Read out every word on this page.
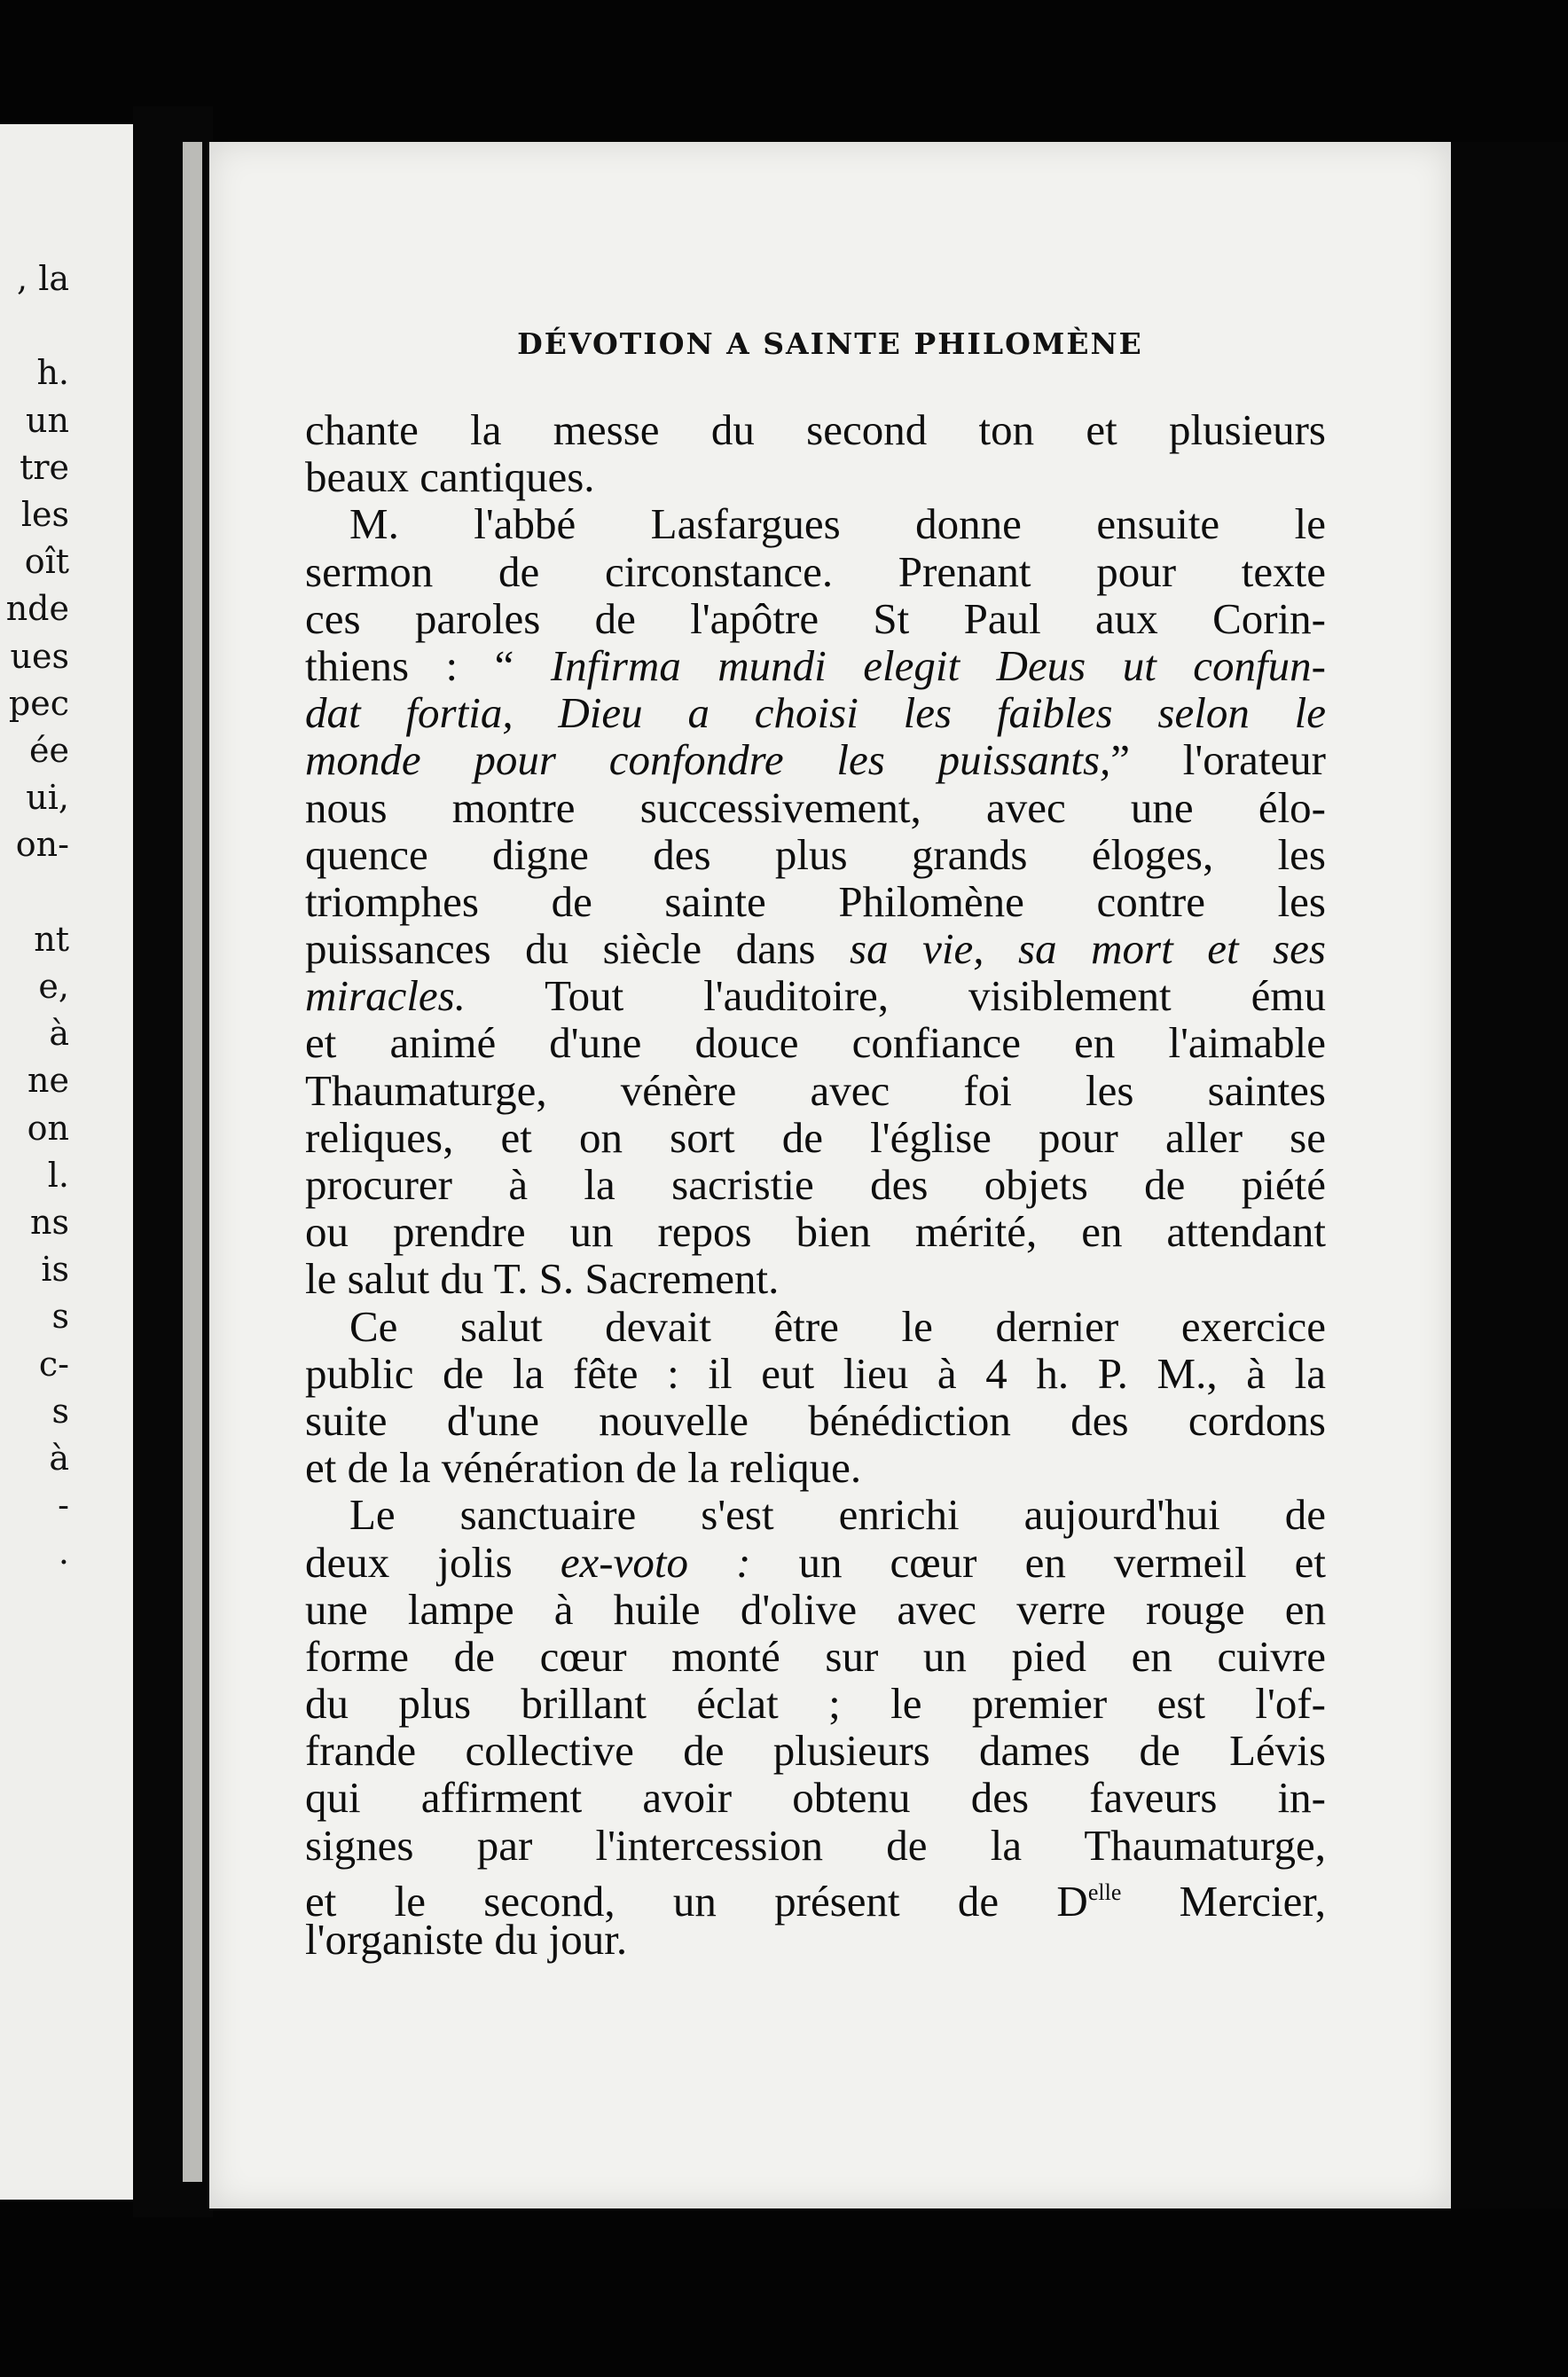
, la
h.
un
tre
les
oît
nde
ues
pec
ée
ui,
on-
nt
e,
à
ne
on
l.
ns
is
s
c-
s
à
-
.
DÉVOTION A SAINTE PHILOMÈNE
chante la messe du second ton et plusieurs
beaux cantiques.
M. l'abbé Lasfargues donne ensuite le
sermon de circonstance. Prenant pour texte
ces paroles de l'apôtre St Paul aux Corin-
thiens : “ Infirma mundi elegit Deus ut confun-
dat fortia, Dieu a choisi les faibles selon le
monde pour confondre les puissants,” l'orateur
nous montre successivement, avec une élo-
quence digne des plus grands éloges, les
triomphes de sainte Philomène contre les
puissances du siècle dans sa vie, sa mort et ses
miracles. Tout l'auditoire, visiblement ému
et animé d'une douce confiance en l'aimable
Thaumaturge, vénère avec foi les saintes
reliques, et on sort de l'église pour aller se
procurer à la sacristie des objets de piété
ou prendre un repos bien mérité, en attendant
le salut du T. S. Sacrement.
Ce salut devait être le dernier exercice
public de la fête : il eut lieu à 4 h. P. M., à la
suite d'une nouvelle bénédiction des cordons
et de la vénération de la relique.
Le sanctuaire s'est enrichi aujourd'hui de
deux jolis ex-voto : un cœur en vermeil et
une lampe à huile d'olive avec verre rouge en
forme de cœur monté sur un pied en cuivre
du plus brillant éclat ; le premier est l'of-
frande collective de plusieurs dames de Lévis
qui affirment avoir obtenu des faveurs in-
signes par l'intercession de la Thaumaturge,
et le second, un présent de $D^{elle}$ Mercier,
l'organiste du jour.
